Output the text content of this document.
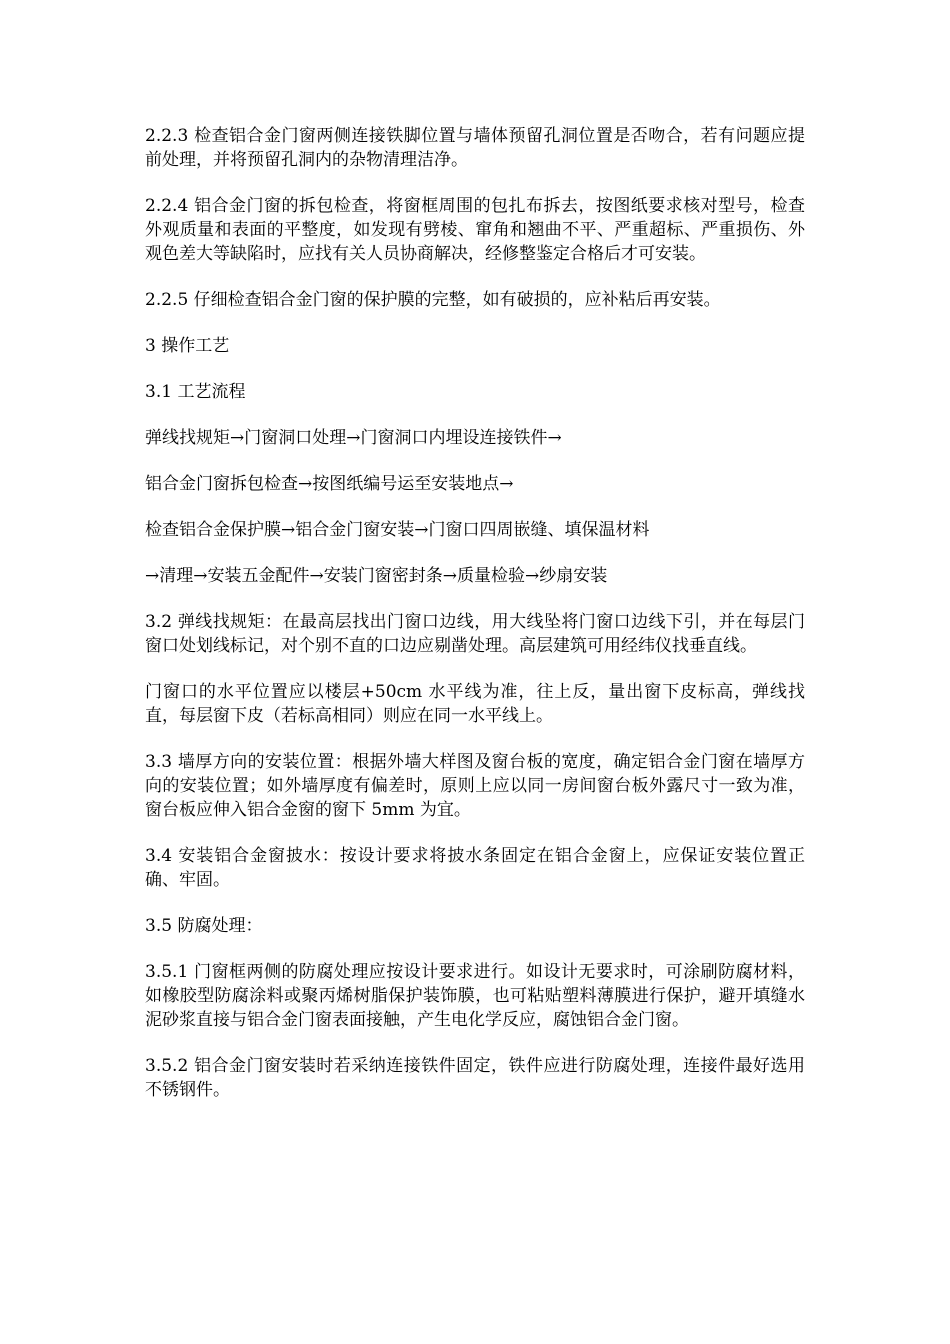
2.2.3 检查铝合金门窗两侧连接铁脚位置与墙体预留孔洞位置是否吻合，若有问题应提前处理，并将预留孔洞内的杂物清理洁净。

2.2.4 铝合金门窗的拆包检查，将窗框周围的包扎布拆去，按图纸要求核对型号，检查外观质量和表面的平整度，如发现有劈棱、窜角和翘曲不平、严重超标、严重损伤、外观色差大等缺陷时，应找有关人员协商解决，经修整鉴定合格后才可安装。

2.2.5 仔细检查铝合金门窗的保护膜的完整，如有破损的，应补粘后再安装。

3 操作工艺

3.1 工艺流程

弹线找规矩→门窗洞口处理→门窗洞口内埋设连接铁件→

铝合金门窗拆包检查→按图纸编号运至安装地点→

检查铝合金保护膜→铝合金门窗安装→门窗口四周嵌缝、填保温材料

→清理→安装五金配件→安装门窗密封条→质量检验→纱扇安装

3.2 弹线找规矩：在最高层找出门窗口边线，用大线坠将门窗口边线下引，并在每层门窗口处划线标记，对个别不直的口边应剔凿处理。高层建筑可用经纬仪找垂直线。

门窗口的水平位置应以楼层+50cm 水平线为准，往上反，量出窗下皮标高，弹线找直，每层窗下皮（若标高相同）则应在同一水平线上。

3.3 墙厚方向的安装位置：根据外墙大样图及窗台板的宽度，确定铝合金门窗在墙厚方向的安装位置；如外墙厚度有偏差时，原则上应以同一房间窗台板外露尺寸一致为准，窗台板应伸入铝合金窗的窗下 5mm 为宜。

3.4 安装铝合金窗披水：按设计要求将披水条固定在铝合金窗上，应保证安装位置正确、牢固。

3.5 防腐处理：

3.5.1 门窗框两侧的防腐处理应按设计要求进行。如设计无要求时，可涂刷防腐材料，如橡胶型防腐涂料或聚丙烯树脂保护装饰膜，也可粘贴塑料薄膜进行保护，避开填缝水泥砂浆直接与铝合金门窗表面接触，产生电化学反应，腐蚀铝合金门窗。

3.5.2 铝合金门窗安装时若采纳连接铁件固定，铁件应进行防腐处理，连接件最好选用不锈钢件。
